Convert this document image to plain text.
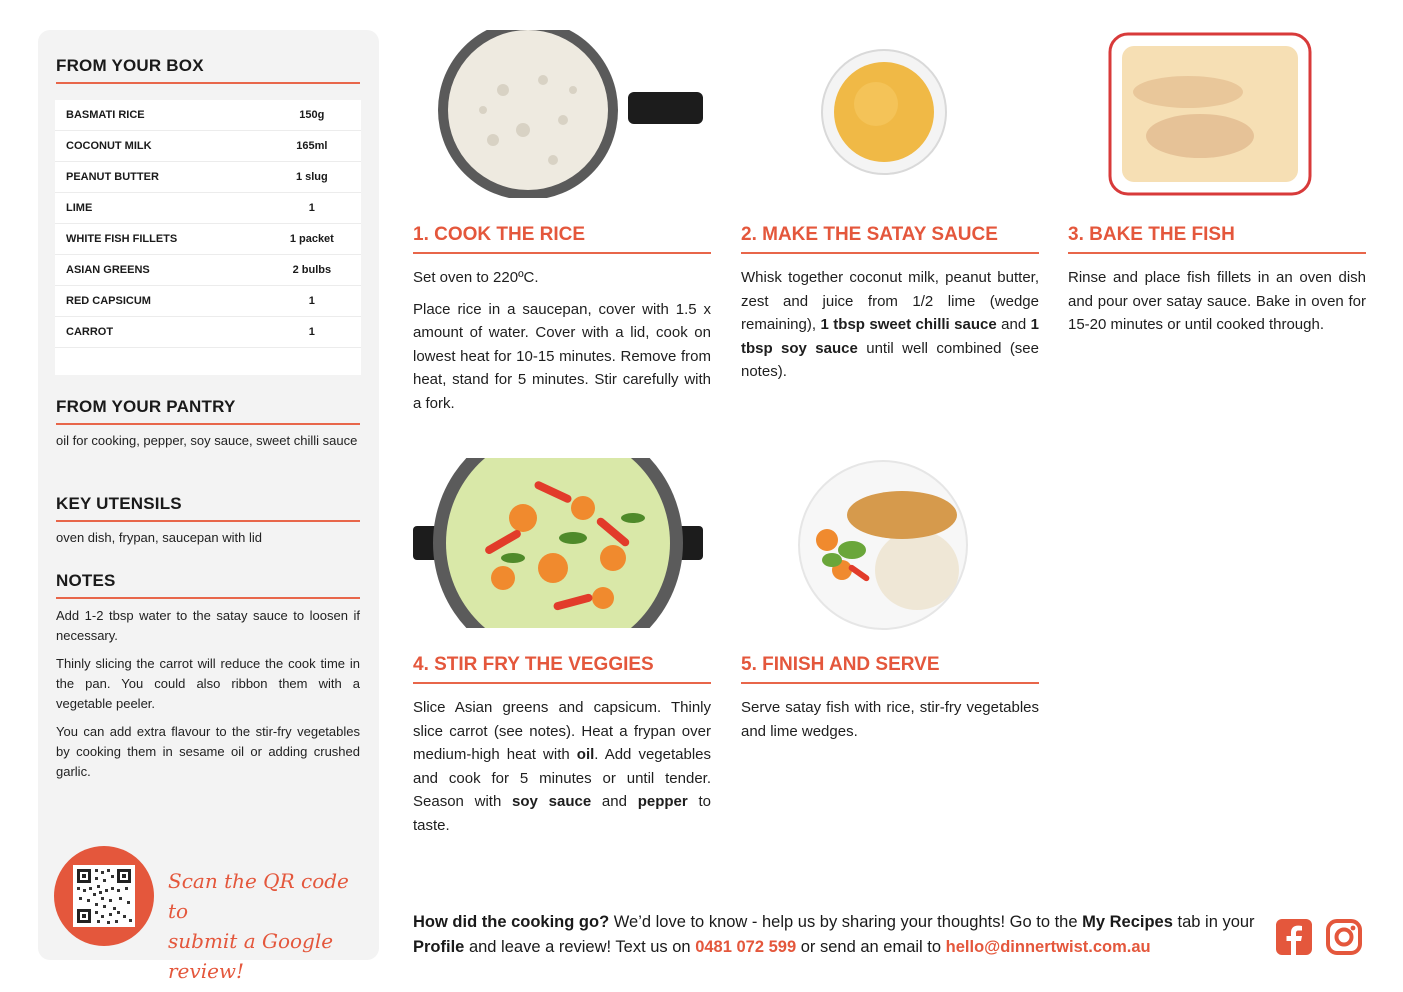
FROM YOUR BOX
BASMATI RICE	150g
COCONUT MILK	165ml
PEANUT BUTTER	1 slug
LIME	1
WHITE FISH FILLETS	1 packet
ASIAN GREENS	2 bulbs
RED CAPSICUM	1
CARROT	1
FROM YOUR PANTRY
oil for cooking, pepper, soy sauce, sweet chilli sauce
KEY UTENSILS
oven dish, frypan, saucepan with lid
NOTES

Add 1-2 tbsp water to the satay sauce to loosen if necessary.

Thinly slicing the carrot will reduce the cook time in the pan. You could also ribbon them with a vegetable peeler.

You can add extra flavour to the stir-fry vegetables by cooking them in sesame oil or adding crushed garlic.

Scan the QR code to
submit a Google review!
1. COOK THE RICE

Set oven to 220ºC.

Place rice in a saucepan, cover with 1.5 x amount of water. Cover with a lid, cook on lowest heat for 10-15 minutes. Remove from heat, stand for 5 minutes. Stir carefully with a fork.

2. MAKE THE SATAY SAUCE
Whisk together coconut milk, peanut butter, zest and juice from 1/2 lime (wedge remaining), 1 tbsp sweet chilli sauce and 1 tbsp soy sauce until well combined (see notes).
3. BAKE THE FISH
Rinse and place fish fillets in an oven dish and pour over satay sauce. Bake in oven for 15-20 minutes or until cooked through.
4. STIR FRY THE VEGGIES
Slice Asian greens and capsicum. Thinly slice carrot (see notes). Heat a frypan over medium-high heat with oil. Add vegetables and cook for 5 minutes or until tender. Season with soy sauce and pepper to taste.
5. FINISH AND SERVE
Serve satay fish with rice, stir-fry vegetables and lime wedges.
How did the cooking go? We’d love to know - help us by sharing your thoughts! Go to the My Recipes tab in your Profile and leave a review! Text us on 0481 072 599 or send an email to hello@dinnertwist.com.au
